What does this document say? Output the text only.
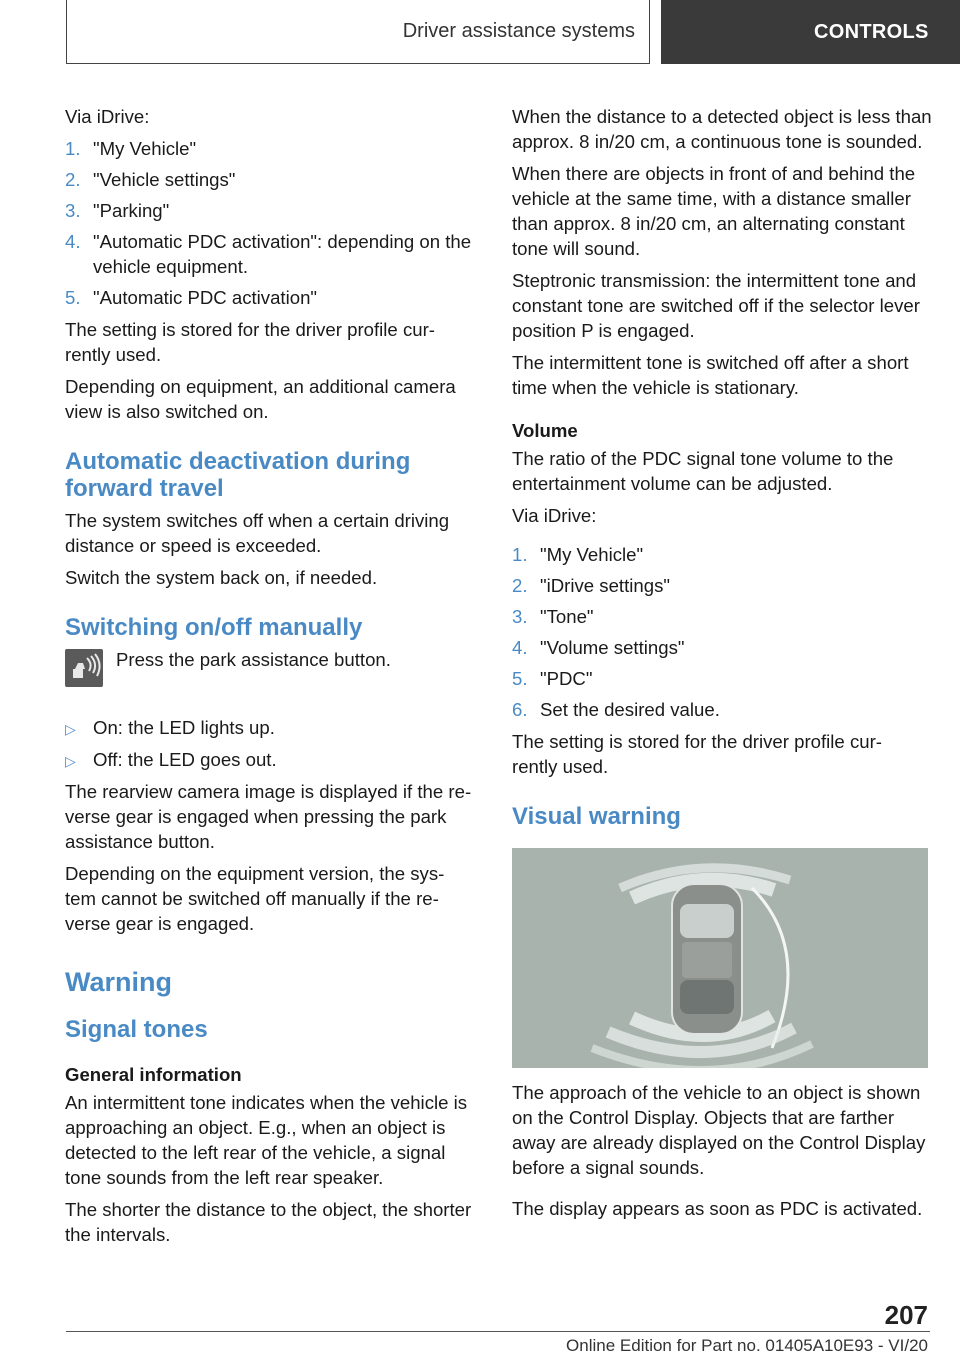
Driver assistance systems	CONTROLS

Via iDrive:

1. "My Vehicle"
2. "Vehicle settings"
3. "Parking"
4. "Automatic PDC activation": depending on the vehicle equipment.
5. "Automatic PDC activation"

The setting is stored for the driver profile cur- rently used.

Depending on equipment, an additional camera view is also switched on.

Automatic deactivation during forward travel

The system switches off when a certain driving distance or speed is exceeded.

Switch the system back on, if needed.

Switching on/off manually
Press the park assistance button.
▷ On: the LED lights up.
▷ Off: the LED goes out.

The rearview camera image is displayed if the re- verse gear is engaged when pressing the park assistance button.

Depending on the equipment version, the sys- tem cannot be switched off manually if the re- verse gear is engaged.

Warning
Signal tones
General information

An intermittent tone indicates when the vehicle is approaching an object. E.g., when an object is detected to the left rear of the vehicle, a signal tone sounds from the left rear speaker.

The shorter the distance to the object, the shorter the intervals.

When the distance to a detected object is less than approx. 8 in/20 cm, a continuous tone is sounded.

When there are objects in front of and behind the vehicle at the same time, with a distance smaller than approx. 8 in/20 cm, an alternating constant tone will sound.

Steptronic transmission: the intermittent tone and constant tone are switched off if the selector lever position P is engaged.

The intermittent tone is switched off after a short time when the vehicle is stationary.

Volume

The ratio of the PDC signal tone volume to the entertainment volume can be adjusted.

Via iDrive:

1. "My Vehicle"
2. "iDrive settings"
3. "Tone"
4. "Volume settings"
5. "PDC"
6. Set the desired value.

The setting is stored for the driver profile cur- rently used.

Visual warning

The approach of the vehicle to an object is shown on the Control Display. Objects that are farther away are already displayed on the Control Display before a signal sounds.

The display appears as soon as PDC is activated.

207
Online Edition for Part no. 01405A10E93 - VI/20
